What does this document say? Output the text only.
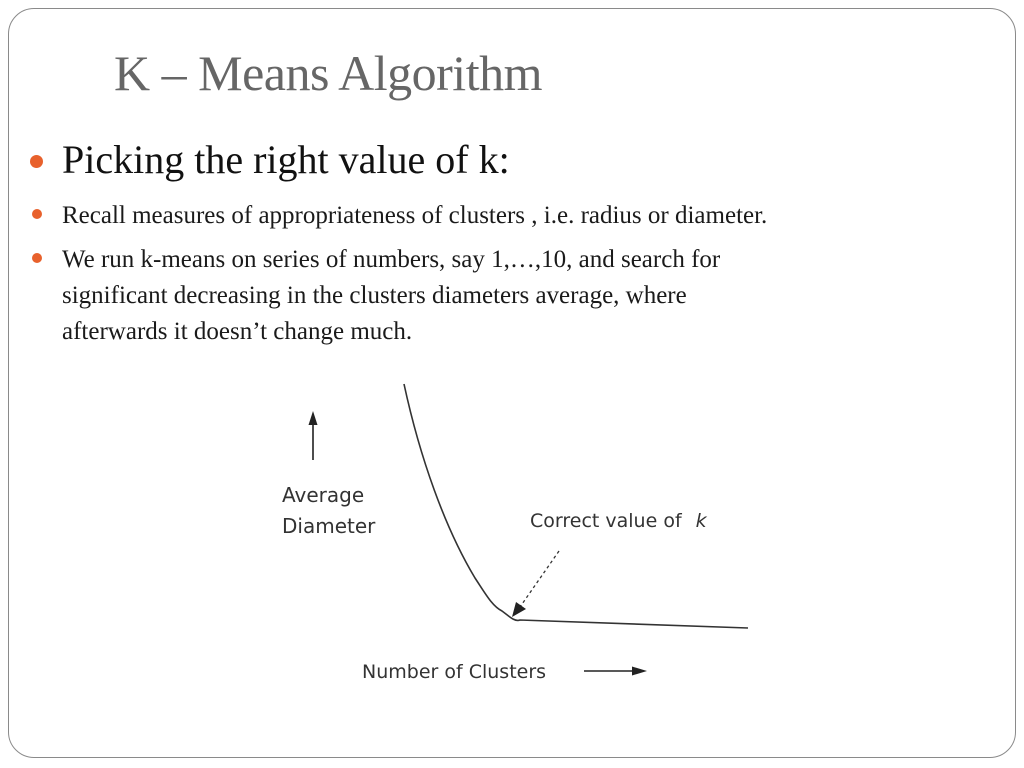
K – Means Algorithm
Picking the right value of k:
Recall measures of appropriateness of clusters , i.e. radius or diameter.
We run k-means on series of numbers, say 1,…,10, and search for
significant decreasing in the clusters diameters average, where
afterwards it doesn’t change much.
Average
Diameter	Correct value of k
Number of Clusters
